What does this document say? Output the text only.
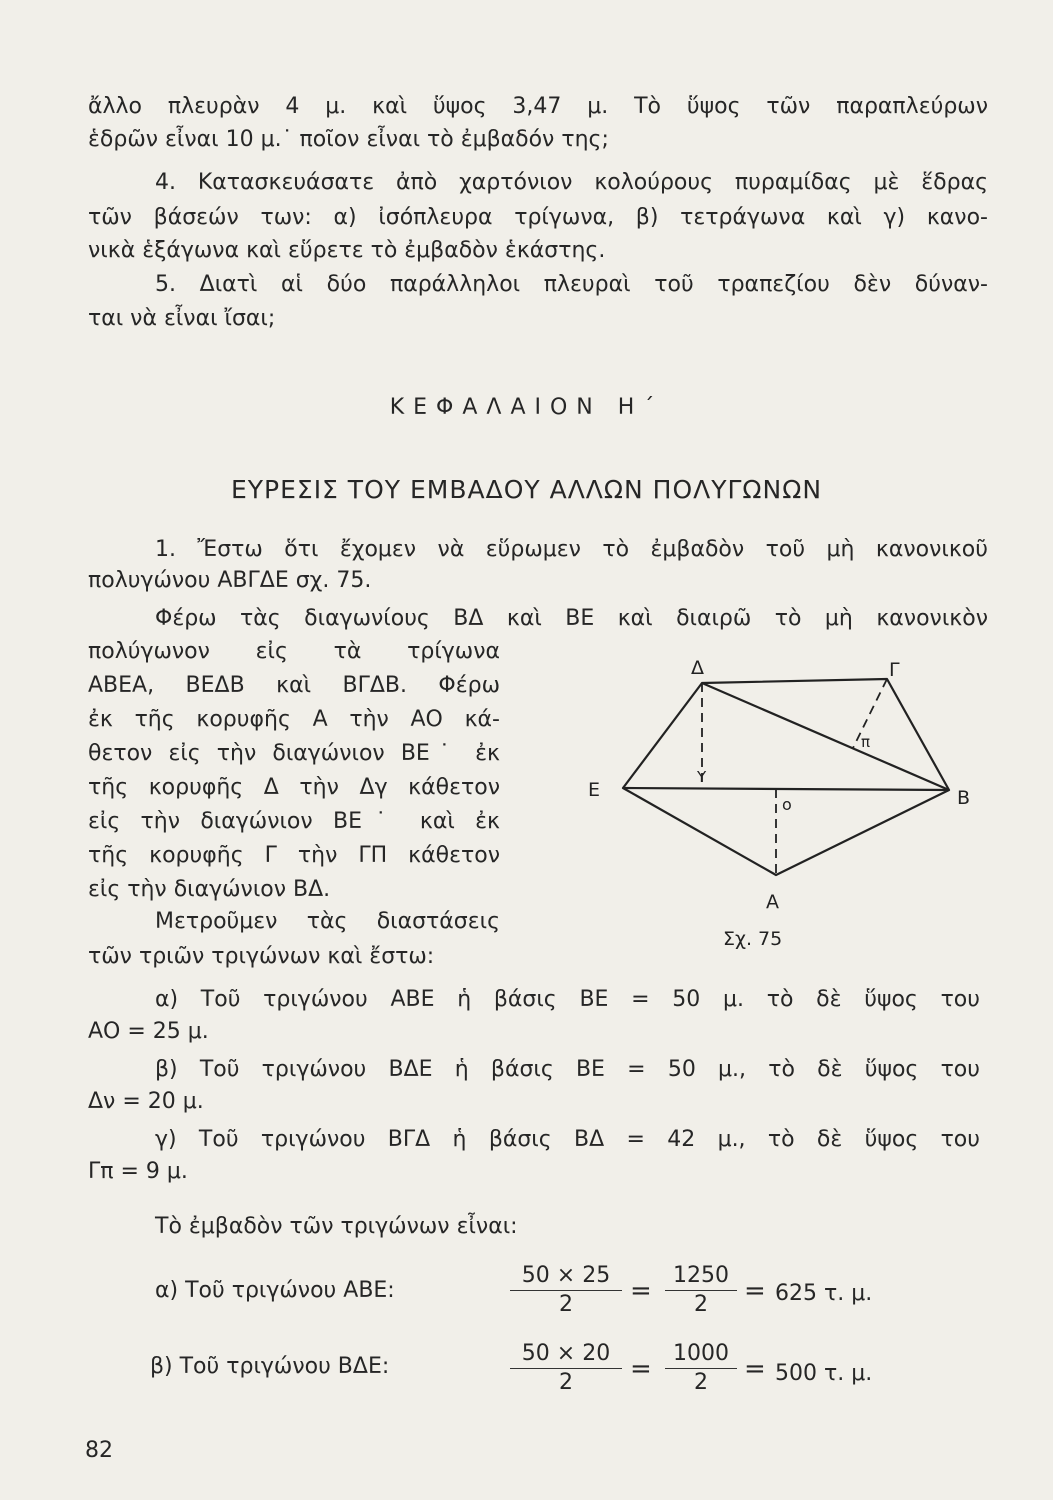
ἄλλο πλευρὰν 4 μ. καὶ ὕψος 3,47 μ. Τὸ ὕψος τῶν παραπλεύρων
ἑδρῶν εἶναι 10 μ.˙ ποῖον εἶναι τὸ ἐμβαδόν της;
4. Κατασκευάσατε ἀπὸ χαρτόνιον κολούρους πυραμίδας μὲ ἕδρας
τῶν βάσεών των: α) ἰσόπλευρα τρίγωνα, β) τετράγωνα καὶ γ) κανο-
νικὰ ἑξάγωνα καὶ εὕρετε τὸ ἐμβαδὸν ἑκάστης.
5. Διατὶ αἱ δύο παράλληλοι πλευραὶ τοῦ τραπεζίου δὲν δύναν-
ται νὰ εἶναι ἴσαι;
ΚΕΦΑΛΑΙΟΝ Η΄
ΕΥΡΕΣΙΣ ΤΟΥ ΕΜΒΑΔΟΥ ΑΛΛΩΝ ΠΟΛΥΓΩΝΩΝ
1. Ἔστω ὅτι ἔχομεν νὰ εὕρωμεν τὸ ἐμβαδὸν τοῦ μὴ κανονικοῦ
πολυγώνου ΑΒΓΔΕ σχ. 75.
Φέρω τὰς διαγωνίους ΒΔ καὶ ΒΕ καὶ διαιρῶ τὸ μὴ κανονικὸν
πολύγωνον εἰς τὰ τρίγωνα
ΑΒΕΑ, ΒΕΔΒ καὶ ΒΓΔΒ. Φέρω
ἐκ τῆς κορυφῆς Α τὴν ΑΟ κά-
θετον εἰς τὴν διαγώνιον ΒΕ˙ ἐκ
τῆς κορυφῆς Δ τὴν Δγ κάθετον
εἰς τὴν διαγώνιον ΒΕ˙ καὶ ἐκ
τῆς κορυφῆς Γ τὴν ΓΠ κάθετον
εἰς τὴν διαγώνιον ΒΔ.
Μετροῦμεν τὰς διαστάσεις
τῶν τριῶν τριγώνων καὶ ἔστω:
Δ	Γ
Ε	Β
Α
ο
Υ
π
Σχ. 75
α) Τοῦ τριγώνου ΑΒΕ ἡ βάσις ΒΕ = 50 μ. τὸ δὲ ὕψος του
ΑΟ = 25 μ.
β) Τοῦ τριγώνου ΒΔΕ ἡ βάσις ΒΕ = 50 μ., τὸ δὲ ὕψος του
Δν = 20 μ.
γ) Τοῦ τριγώνου ΒΓΔ ἡ βάσις ΒΔ = 42 μ., τὸ δὲ ὕψος του
Γπ = 9 μ.
Τὸ ἐμβαδὸν τῶν τριγώνων εἶναι:
α) Τοῦ τριγώνου ΑΒΕ:	$\frac{50 \times 25}{2} = \frac{1250}{2} = 625$ τ. μ.
β) Τοῦ τριγώνου ΒΔΕ:	$\frac{50 \times 20}{2} = \frac{1000}{2} = 500$ τ. μ.
82
